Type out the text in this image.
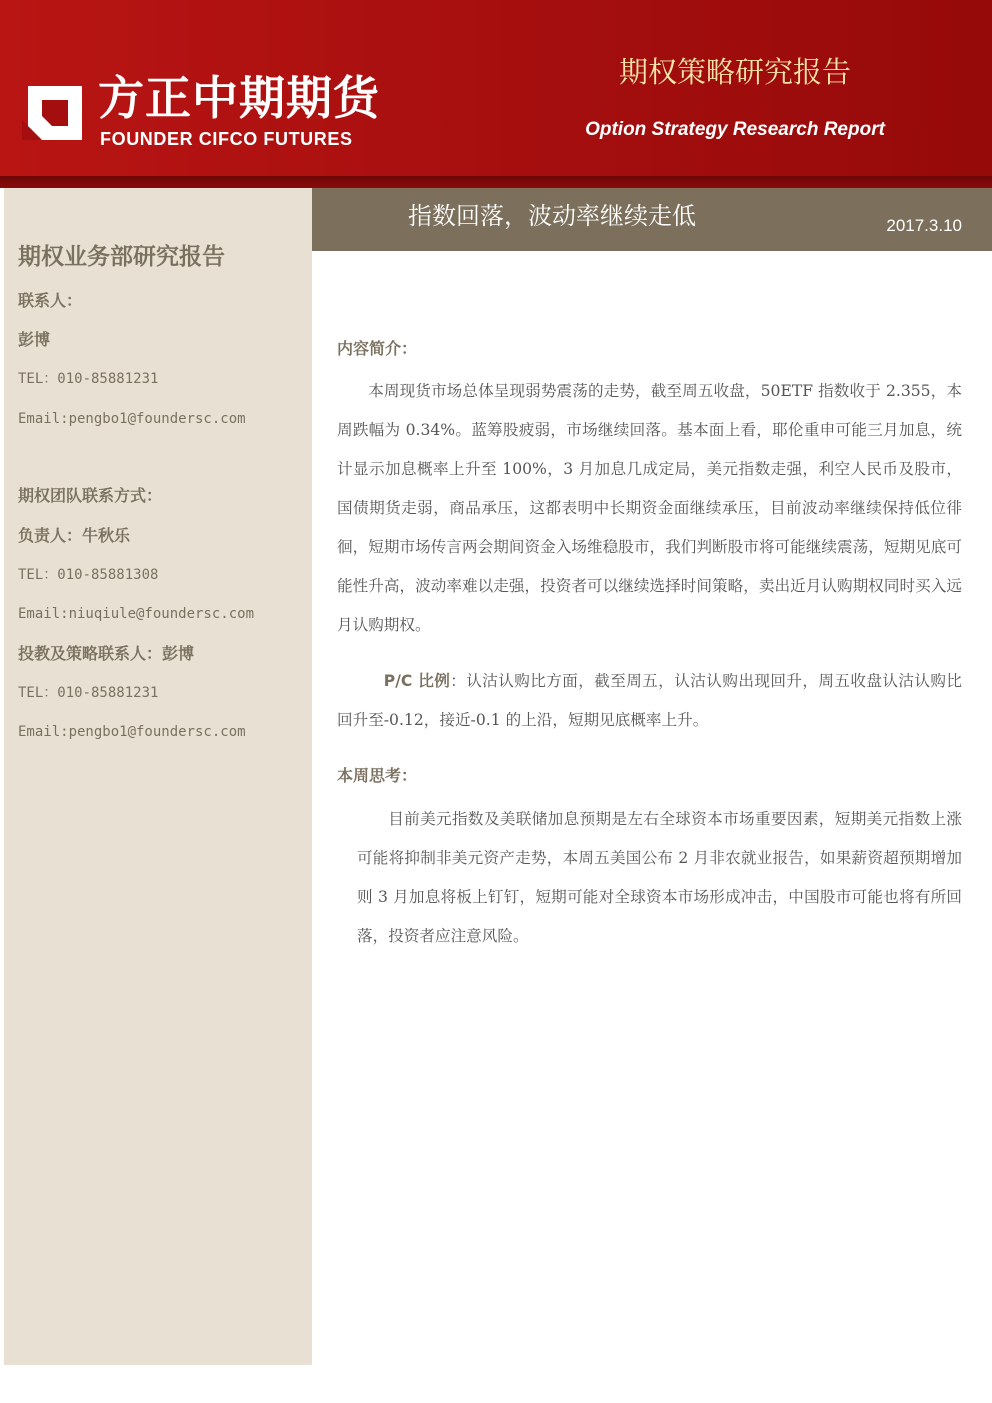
方正中期期货
FOUNDER CIFCO FUTURES
期权策略研究报告
Option Strategy Research Report
期权业务部研究报告
联系人：
彭博
TEL：010-85881231
Email:pengbo1@foundersc.com
期权团队联系方式：
负责人：牛秋乐
TEL：010-85881308
Email:niuqiule@foundersc.com
投教及策略联系人：彭博
TEL：010-85881231
Email:pengbo1@foundersc.com
指数回落，波动率继续走低	2017.3.10
内容简介：
本周现货市场总体呈现弱势震荡的走势，截至周五收盘，50ETF 指数收于 2.355，本周跌幅为 0.34%。蓝筹股疲弱，市场继续回落。基本面上看，耶伦重申可能三月加息，统计显示加息概率上升至 100%，3 月加息几成定局，美元指数走强，利空人民币及股市，国债期货走弱，商品承压，这都表明中长期资金面继续承压，目前波动率继续保持低位徘徊，短期市场传言两会期间资金入场维稳股市，我们判断股市将可能继续震荡，短期见底可能性升高，波动率难以走强，投资者可以继续选择时间策略，卖出近月认购期权同时买入远月认购期权。
P/C 比例：认沽认购比方面，截至周五，认沽认购出现回升，周五收盘认沽认购比回升至-0.12，接近-0.1 的上沿，短期见底概率上升。
本周思考：
目前美元指数及美联储加息预期是左右全球资本市场重要因素，短期美元指数上涨可能将抑制非美元资产走势，本周五美国公布 2 月非农就业报告，如果薪资超预期增加则 3 月加息将板上钉钉，短期可能对全球资本市场形成冲击，中国股市可能也将有所回落，投资者应注意风险。
